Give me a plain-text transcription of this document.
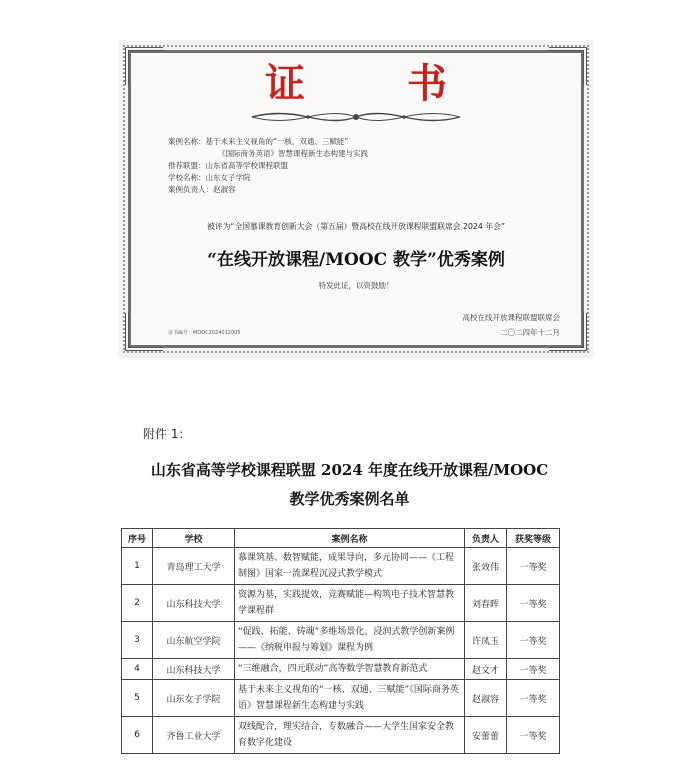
证 书
案例名称：基于未来主义视角的“一核、双通、三赋能”
《国际商务英语》智慧课程新生态构建与实践
推荐联盟：山东省高等学校课程联盟
学校名称：山东女子学院
案例负责人：赵淑容
被评为“全国慕课教育创新大会（第五届）暨高校在线开放课程联盟联席会 2024 年会”
“在线开放课程/MOOC 教学”优秀案例
特发此证，以资鼓励！
高校在线开放课程联盟联席会
二〇二四年十二月
证书编号：MOOC2024012005
附件 1：
山东省高等学校课程联盟 2024 年度在线开放课程/MOOC
教学优秀案例名单
序号	学校	案例名称	负责人	获奖等级
1	青岛理工大学	慕课筑基、数智赋能，成果导向，多元协同——《工程制图》国家一流课程沉浸式教学模式	张效伟	一等奖
2	山东科技大学	资源为基，实践提效，竞赛赋能—构筑电子技术智慧教学课程群	刘春晖	一等奖
3	山东航空学院	“促践、拓能、铸魂”多维场景化、浸润式教学创新案例——《纳税申报与筹划》课程为例	许凤玉	一等奖
4	山东科技大学	“三维融合，四元联动”高等数学智慧教育新范式	赵文才	一等奖
5	山东女子学院	基于未来主义视角的“一核、双通、三赋能”《国际商务英语》智慧课程新生态构建与实践	赵淑容	一等奖
6	齐鲁工业大学	双线配合，理实结合，专数融合——大学生国家安全教育数字化建设	安蕾蕾	一等奖
